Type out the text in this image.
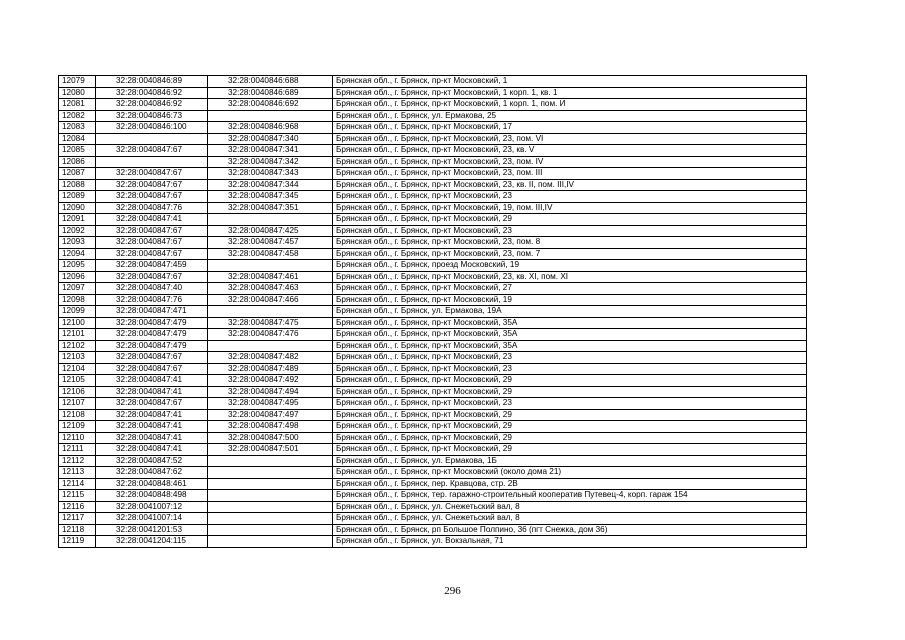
12079	32:28:0040846:89	32:28:0040846:688	Брянская обл., г. Брянск, пр-кт Московский, 1
12080	32:28:0040846:92	32:28:0040846:689	Брянская обл., г. Брянск, пр-кт Московский, 1 корп. 1, кв. 1
12081	32:28:0040846:92	32:28:0040846:692	Брянская обл., г. Брянск, пр-кт Московский, 1 корп. 1, пом. И
12082	32:28:0040846:73		Брянская обл., г. Брянск, ул. Ермакова, 25
12083	32:28:0040846:100	32:28:0040846:968	Брянская обл., г. Брянск, пр-кт Московский, 17
12084		32:28:0040847:340	Брянская обл., г. Брянск, пр-кт Московский, 23, пом. VI
12085	32:28:0040847:67	32:28:0040847:341	Брянская обл., г. Брянск, пр-кт Московский, 23, кв. V
12086		32:28:0040847:342	Брянская обл., г. Брянск, пр-кт Московский, 23, пом. IV
12087	32:28:0040847:67	32:28:0040847:343	Брянская обл., г. Брянск, пр-кт Московский, 23, пом. III
12088	32:28:0040847:67	32:28:0040847:344	Брянская обл., г. Брянск, пр-кт Московский, 23, кв. II, пом. III,IV
12089	32:28:0040847:67	32:28:0040847:345	Брянская обл., г. Брянск, пр-кт Московский, 23
12090	32:28:0040847:76	32:28:0040847:351	Брянская обл., г. Брянск, пр-кт Московский, 19, пом. III,IV
12091	32:28:0040847:41		Брянская обл., г. Брянск, пр-кт Московский, 29
12092	32:28:0040847:67	32:28:0040847:425	Брянская обл., г. Брянск, пр-кт Московский, 23
12093	32:28:0040847:67	32:28:0040847:457	Брянская обл., г. Брянск, пр-кт Московский, 23, пом. 8
12094	32:28:0040847:67	32:28:0040847:458	Брянская обл., г. Брянск, пр-кт Московский, 23, пом. 7
12095	32:28:0040847:459		Брянская обл., г. Брянск, проезд Московский, 19
12096	32:28:0040847:67	32:28:0040847:461	Брянская обл., г. Брянск, пр-кт Московский, 23, кв. XI, пом. XI
12097	32:28:0040847:40	32:28:0040847:463	Брянская обл., г. Брянск, пр-кт Московский, 27
12098	32:28:0040847:76	32:28:0040847:466	Брянская обл., г. Брянск, пр-кт Московский, 19
12099	32:28:0040847:471		Брянская обл., г. Брянск, ул. Ермакова, 19А
12100	32:28:0040847:479	32:28:0040847:475	Брянская обл., г. Брянск, пр-кт Московский, 35А
12101	32:28:0040847:479	32:28:0040847:476	Брянская обл., г. Брянск, пр-кт Московский, 35А
12102	32:28:0040847:479		Брянская обл., г. Брянск, пр-кт Московский, 35А
12103	32:28:0040847:67	32:28:0040847:482	Брянская обл., г. Брянск, пр-кт Московский, 23
12104	32:28:0040847:67	32:28:0040847:489	Брянская обл., г. Брянск, пр-кт Московский, 23
12105	32:28:0040847:41	32:28:0040847:492	Брянская обл., г. Брянск, пр-кт Московский, 29
12106	32:28:0040847:41	32:28:0040847:494	Брянская обл., г. Брянск, пр-кт Московский, 29
12107	32:28:0040847:67	32:28:0040847:495	Брянская обл., г. Брянск, пр-кт Московский, 23
12108	32:28:0040847:41	32:28:0040847:497	Брянская обл., г. Брянск, пр-кт Московский, 29
12109	32:28:0040847:41	32:28:0040847:498	Брянская обл., г. Брянск, пр-кт Московский, 29
12110	32:28:0040847:41	32:28:0040847:500	Брянская обл., г. Брянск, пр-кт Московский, 29
12111	32:28:0040847:41	32:28:0040847:501	Брянская обл., г. Брянск, пр-кт Московский, 29
12112	32:28:0040847:52		Брянская обл., г. Брянск, ул. Ермакова, 1Б
12113	32:28:0040847:62		Брянская обл., г. Брянск, пр-кт Московский (около дома 21)
12114	32:28:0040848:461		Брянская обл., г. Брянск, пер. Кравцова, стр. 2В
12115	32:28:0040848:498		Брянская обл., г. Брянск, тер. гаражно-строительный кооператив Путевец-4, корп. гараж 154
12116	32:28:0041007:12		Брянская обл., г. Брянск, ул. Снежетьский вал, 8
12117	32:28:0041007:14		Брянская обл., г. Брянск, ул. Снежетьский вал, 8
12118	32:28:0041201:53		Брянская обл., г. Брянск, рп Большое Полпино, 36 (пгт Снежка, дом 36)
12119	32:28:0041204:115		Брянская обл., г. Брянск, ул. Вокзальная, 71
296
